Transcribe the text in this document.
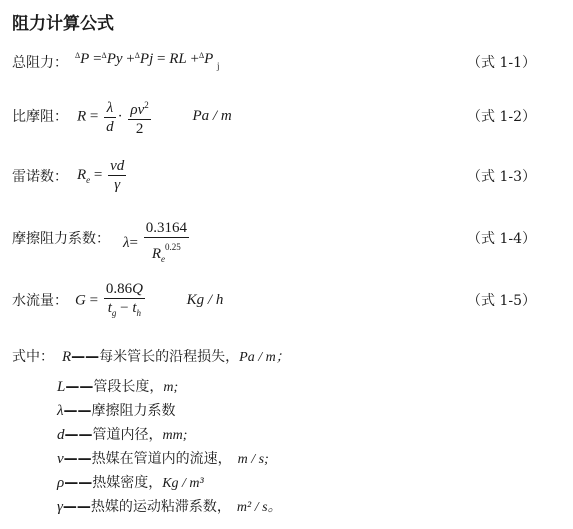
阻力计算公式
总阻力： $^\Delta$P =$^\Delta$Py +$^\Delta$Pj = RL +$^\Delta$P $_j$	（式 1-1）
比摩阻： $R = \frac{\lambda}{d} \cdot \frac{\rho v^2}{2}$	Pa / m	（式 1-2）
雷诺数： $R_e = \frac{vd}{\gamma}$	（式 1-3）
摩擦阻力系数： $\lambda= \frac{0.3164}{R_e^{0.25}}$	（式 1-4）
水流量： $G = \frac{0.86Q}{t_g - t_h}$	Kg / h	（式 1-5）
式中： R——每米管长的沿程损失，Pa / m；
L——管段长度，m;
λ——摩擦阻力系数
d——管道内径，mm;
v——热媒在管道内的流速， m / s;
ρ——热媒密度，Kg / m³
γ——热媒的运动粘滞系数， m² / s。
